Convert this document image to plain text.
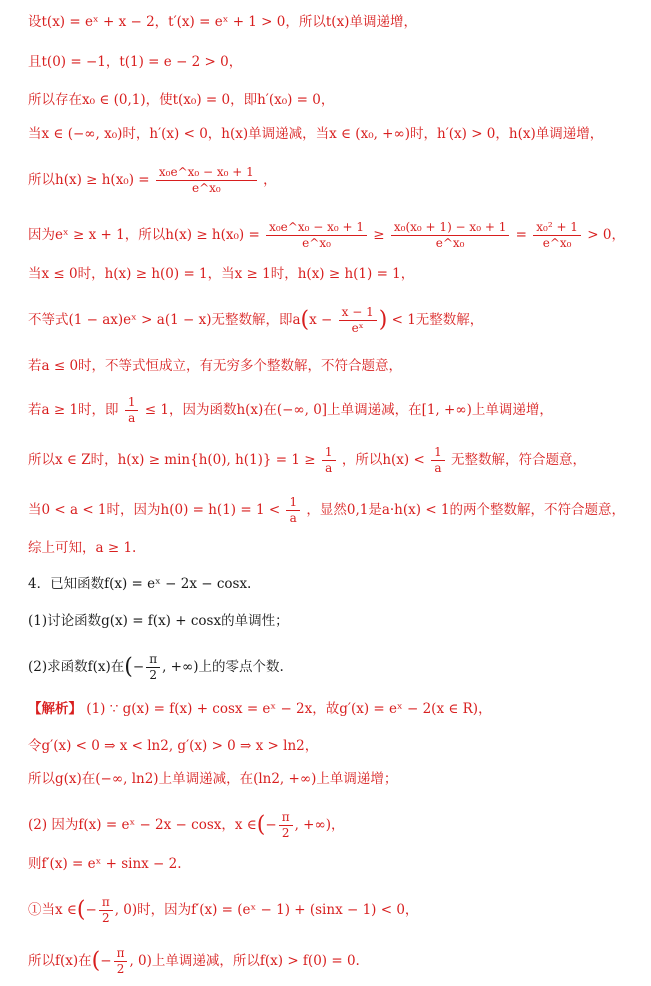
设t(x) = eˣ + x − 2，t′(x) = eˣ + 1 > 0，所以t(x)单调递增，
且t(0) = −1，t(1) = e − 2 > 0，
所以存在x₀ ∈ (0,1)，使t(x₀) = 0，即h′(x₀) = 0，
当x ∈ (−∞, x₀)时，h′(x) < 0，h(x)单调递减，当x ∈ (x₀, +∞)时，h′(x) > 0，h(x)单调递增，
所以$h(x) \ge h(x_0) = \frac{\text{x₀e\textasciicircum{}x₀ − x₀ + 1}}{\text{e\textasciicircum{}x₀}}$ ，
因为eˣ ≥ x + 1，所以$h(x) \ge h(x_0) = \frac{\text{x₀e\textasciicircum{}x₀ − x₀ + 1}}{\text{e\textasciicircum{}x₀}} \ge \frac{\text{x₀(x₀ + 1) − x₀ + 1}}{\text{e\textasciicircum{}x₀}} = \frac{\text{x₀² + 1}}{\text{e\textasciicircum{}x₀}} > 0$，
当x ≤ 0时，h(x) ≥ h(0) = 1，当x ≥ 1时，h(x) ≥ h(1) = 1，
不等式(1 − ax)eˣ > a(1 − x)无整数解，即$a(x - \frac{x - 1}{\text{eˣ}}$ ) < 1无整数解，
若a ≤ 0时，不等式恒成立，有无穷多个整数解，不符合题意，
若a ≥ 1时，即 $\frac{1}{a} \le 1$，因为函数h(x)在(−∞, 0]上单调递减，在[1, +∞)上单调递增，
所以x ∈ Z时，h(x) ≥ min{h(0), $h(1)\} = 1 \ge \frac{1}{a}$ ，所以$h(x) < \frac{1}{a}$ 无整数解，符合题意，
当0 < a < 1时，因为$h(0) = h(1) = 1 < \frac{1}{a}$ ，显然0,1是a·h(x) < 1的两个整数解，不符合题意，
综上可知，a ≥ 1.
4．已知函数f(x) = eˣ − 2x − cosx.
(1)讨论函数g(x) = f(x) + cosx的单调性；
(2)求函数f(x)在(− $\frac{\pi}{2}$ , +∞)上的零点个数.
【解析】 (1) ∵ g(x) = f(x) + cosx = eˣ − 2x，故g′(x) = eˣ − 2(x ∈ R)，
令g′(x) < 0 ⇒ x < ln2, g′(x) > 0 ⇒ x > ln2，
所以g(x)在(−∞, ln2)上单调递减，在(ln2, +∞)上单调递增；
(2) 因为f(x) = eˣ − 2x − cosx，x ∈(− $\frac{\pi}{2}$ , +∞)，
则f′(x) = eˣ + sinx − 2.
①当x ∈(− $\frac{\pi}{2}$ , 0)时，因为f′(x) = (eˣ − 1) + (sinx − 1) < 0，
所以f(x)在(− $\frac{\pi}{2}$ , 0)上单调递减，所以f(x) > f(0) = 0.
